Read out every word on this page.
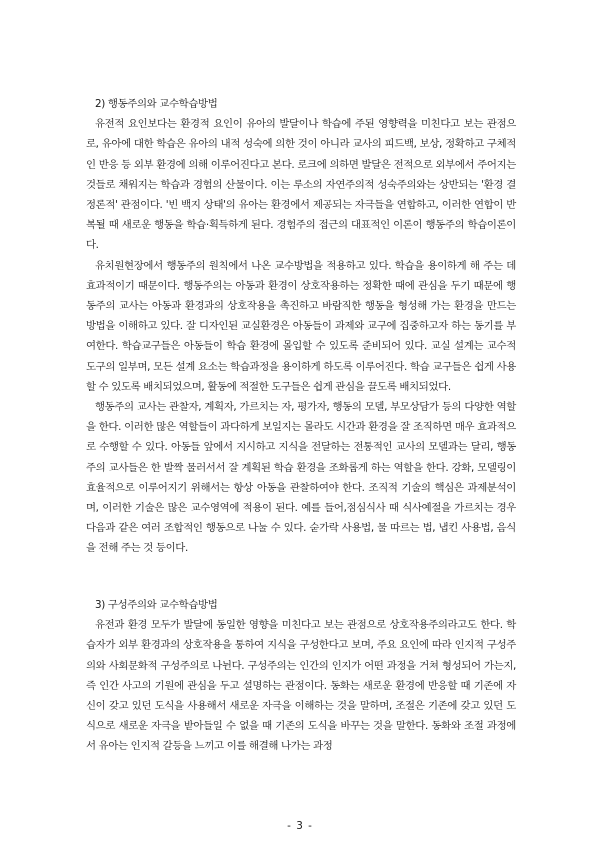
2) 행동주의와 교수학습방법

유전적 요인보다는 환경적 요인이 유아의 발달이나 학습에 주된 영향력을 미친다고 보는 관점으로, 유아에 대한 학습은 유아의 내적 성숙에 의한 것이 아니라 교사의 피드백, 보상, 정확하고 구체적인 반응 등 외부 환경에 의해 이루어진다고 본다. 로크에 의하면 발달은 전적으로 외부에서 주어지는 것들로 채워지는 학습과 경험의 산물이다. 이는 루소의 자연주의적 성숙주의와는 상반되는 '환경 결정론적' 관점이다. '빈 백지 상태'의 유아는 환경에서 제공되는 자극들을 연합하고, 이러한 연합이 반복될 때 새로운 행동을 학습·획득하게 된다. 경험주의 접근의 대표적인 이론이 행동주의 학습이론이다.

유치원현장에서 행동주의 원칙에서 나온 교수방법을 적용하고 있다. 학습을 용이하게 해 주는 데 효과적이기 때문이다. 행동주의는 아동과 환경이 상호작용하는 정확한 때에 관심을 두기 때문에 행동주의 교사는 아동과 환경과의 상호작용을 촉진하고 바람직한 행동을 형성해 가는 환경을 만드는 방법을 이해하고 있다. 잘 디자인된 교실환경은 아동들이 과제와 교구에 집중하고자 하는 동기를 부여한다. 학습교구들은 아동들이 학습 환경에 몰입할 수 있도록 준비되어 있다. 교실 설계는 교수적 도구의 일부며, 모든 설계 요소는 학습과정을 용이하게 하도록 이루어진다. 학습 교구들은 쉽게 사용할 수 있도록 배치되었으며, 활동에 적절한 도구들은 쉽게 관심을 끌도록 배치되었다.

행동주의 교사는 관찰자, 계획자, 가르치는 자, 평가자, 행동의 모델, 부모상담가 등의 다양한 역할을 한다. 이러한 많은 역할들이 과다하게 보일지는 몰라도 시간과 환경을 잘 조직하면 매우 효과적으로 수행할 수 있다. 아동들 앞에서 지시하고 지식을 전달하는 전통적인 교사의 모델과는 달리, 행동주의 교사들은 한 발짝 물러서서 잘 계획된 학습 환경을 조화롭게 하는 역할을 한다. 강화, 모델링이 효율적으로 이루어지기 위해서는 항상 아동을 관찰하여야 한다. 조직적 기술의 핵심은 과제분석이며, 이러한 기술은 많은 교수영역에 적용이 된다. 예를 들어,점심식사 때 식사예절을 가르치는 경우 다음과 같은 여러 조합적인 행동으로 나눌 수 있다. 숟가락 사용법, 물 따르는 법, 냅킨 사용법, 음식을 전해 주는 것 등이다.

3) 구성주의와 교수학습방법

유전과 환경 모두가 발달에 동일한 영향을 미친다고 보는 관점으로 상호작용주의라고도 한다. 학습자가 외부 환경과의 상호작용을 통하여 지식을 구성한다고 보며, 주요 요인에 따라 인지적 구성주의와 사회문화적 구성주의로 나뉜다. 구성주의는 인간의 인지가 어떤 과정을 거쳐 형성되어 가는지, 즉 인간 사고의 기원에 관심을 두고 설명하는 관점이다. 동화는 새로운 환경에 반응할 때 기존에 자신이 갖고 있던 도식을 사용해서 새로운 자극을 이해하는 것을 말하며, 조절은 기존에 갖고 있던 도식으로 새로운 자극을 받아들일 수 없을 때 기존의 도식을 바꾸는 것을 말한다. 동화와 조절 과정에서 유아는 인지적 갈등을 느끼고 이를 해결해 나가는 과정

- 3 -
